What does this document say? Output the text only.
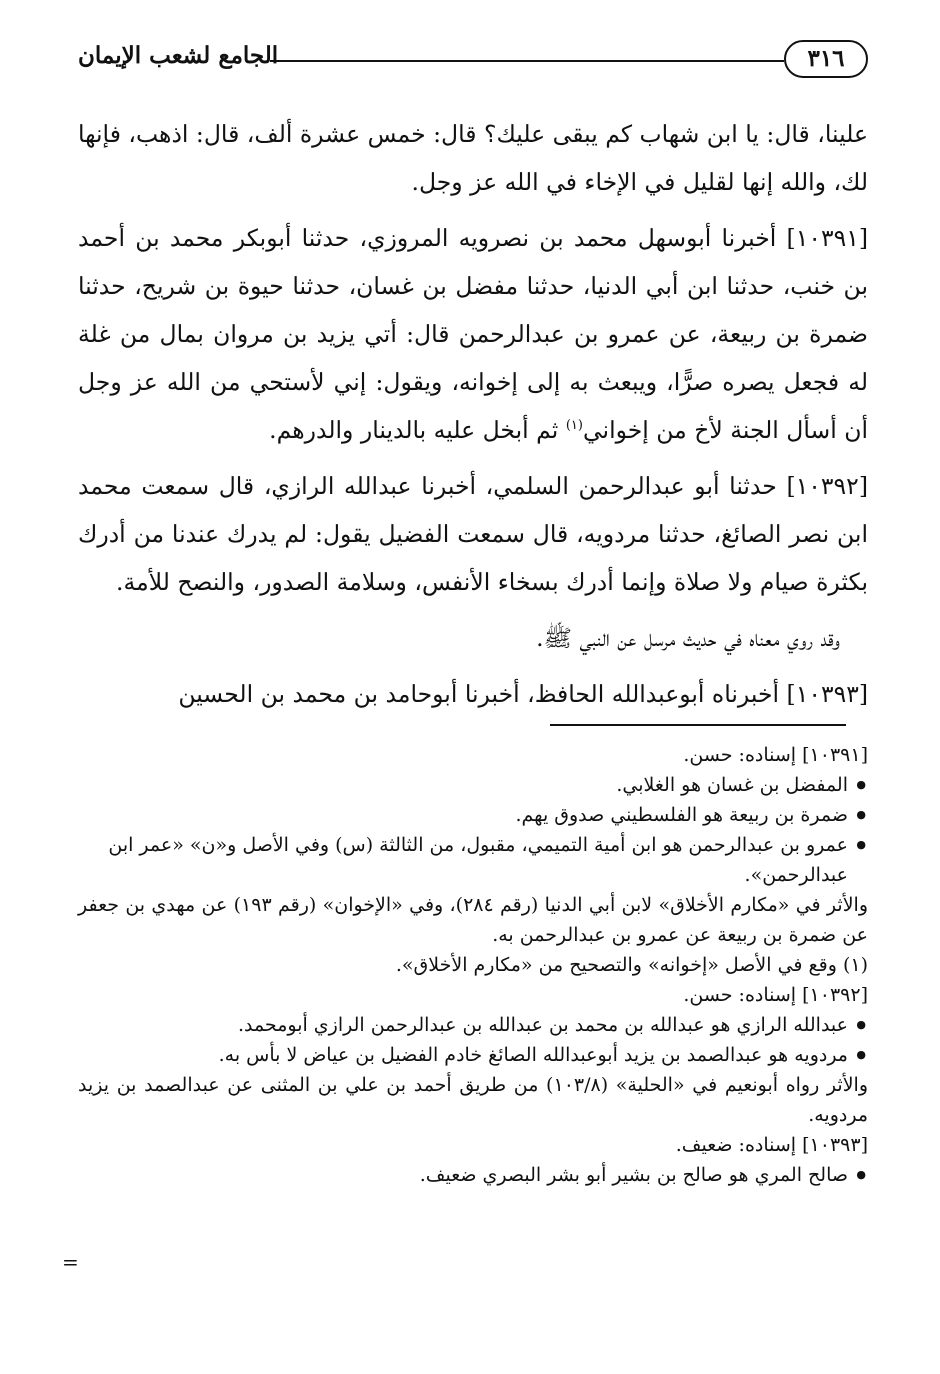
٣١٦
الجامع لشعب الإيمان

علينا، قال: يا ابن شهاب كم يبقى عليك؟ قال: خمس عشرة ألف، قال: اذهب، فإنها لك، والله إنها لقليل في الإخاء في الله عز وجل.

[١٠٣٩١] أخبرنا أبوسهل محمد بن نصرويه المروزي، حدثنا أبوبكر محمد بن أحمد بن خنب، حدثنا ابن أبي الدنيا، حدثنا مفضل بن غسان، حدثنا حيوة بن شريح، حدثنا ضمرة بن ربيعة، عن عمرو بن عبدالرحمن قال: أتي يزيد بن مروان بمال من غلة له فجعل يصره صرًّا، ويبعث به إلى إخوانه، ويقول: إني لأستحي من الله عز وجل أن أسأل الجنة لأخ من إخواني$^{(١)}$ ثم أبخل عليه بالدينار والدرهم.

[١٠٣٩٢] حدثنا أبو عبدالرحمن السلمي، أخبرنا عبدالله الرازي، قال سمعت محمد ابن نصر الصائغ، حدثنا مردويه، قال سمعت الفضيل يقول: لم يدرك عندنا من أدرك بكثرة صيام ولا صلاة وإنما أدرك بسخاء الأنفس، وسلامة الصدور، والنصح للأمة.

وقد روي معناه في حديث مرسل عن النبي ﷺ.

[١٠٣٩٣] أخبرناه أبوعبدالله الحافظ، أخبرنا أبوحامد بن محمد بن الحسين

[١٠٣٩١] إسناده: حسن.

● المفضل بن غسان هو الغلابي.

● ضمرة بن ربيعة هو الفلسطيني صدوق يهم.

● عمرو بن عبدالرحمن هو ابن أمية التميمي، مقبول، من الثالثة (س) وفي الأصل و«ن» «عمر ابن عبدالرحمن».

والأثر في «مكارم الأخلاق» لابن أبي الدنيا (رقم ٢٨٤)، وفي «الإخوان» (رقم ١٩٣) عن مهدي بن جعفر عن ضمرة بن ربيعة عن عمرو بن عبدالرحمن به.

(١) وقع في الأصل «إخوانه» والتصحيح من «مكارم الأخلاق».

[١٠٣٩٢] إسناده: حسن.

● عبدالله الرازي هو عبدالله بن محمد بن عبدالله بن عبدالرحمن الرازي أبومحمد.

● مردويه هو عبدالصمد بن يزيد أبوعبدالله الصائغ خادم الفضيل بن عياض لا بأس به.

والأثر رواه أبونعيم في «الحلية» (١٠٣/٨) من طريق أحمد بن علي بن المثنى عن عبدالصمد بن يزيد مردويه.

[١٠٣٩٣] إسناده: ضعيف.

● صالح المري هو صالح بن بشير أبو بشر البصري ضعيف.

=
